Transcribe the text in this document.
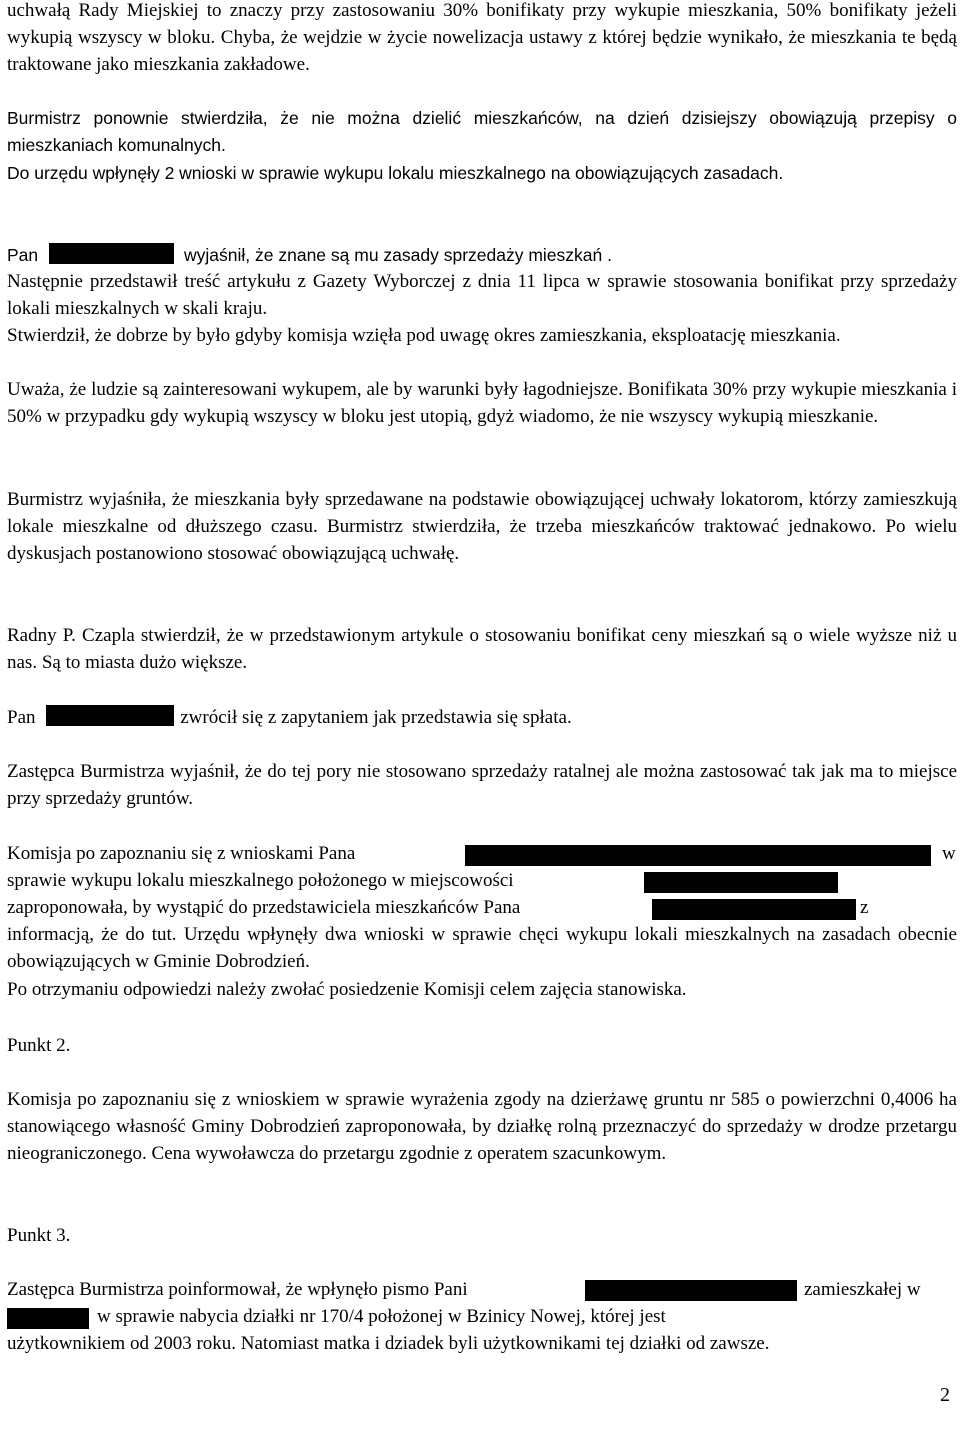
uchwałą Rady Miejskiej to znaczy przy zastosowaniu 30% bonifikaty przy wykupie mieszkania, 50% bonifikaty jeżeli wykupią wszyscy w bloku. Chyba, że wejdzie w życie nowelizacja ustawy z której będzie wynikało, że mieszkania te będą traktowane jako mieszkania zakładowe.

Burmistrz ponownie stwierdziła, że nie można dzielić mieszkańców, na dzień dzisiejszy obowiązują przepisy o mieszkaniach komunalnych.

Do urzędu wpłynęły 2 wnioski w sprawie wykupu lokalu mieszkalnego na obowiązujących zasadach.

Pan	wyjaśnił, że znane są mu zasady sprzedaży mieszkań .

Następnie przedstawił treść artykułu z Gazety Wyborczej z dnia 11 lipca w sprawie stosowania bonifikat przy sprzedaży lokali mieszkalnych w skali kraju.

Stwierdził, że dobrze by było gdyby komisja wzięła pod uwagę okres zamieszkania, eksploatację mieszkania.

Uważa, że ludzie są zainteresowani wykupem, ale by warunki były łagodniejsze. Bonifikata 30% przy wykupie mieszkania i 50% w przypadku gdy wykupią wszyscy w bloku jest utopią, gdyż wiadomo, że nie wszyscy wykupią mieszkanie.

Burmistrz wyjaśniła, że mieszkania były sprzedawane na podstawie obowiązującej uchwały lokatorom, którzy zamieszkują lokale mieszkalne od dłuższego czasu. Burmistrz stwierdziła, że trzeba mieszkańców traktować jednakowo. Po wielu dyskusjach postanowiono stosować obowiązującą uchwałę.

Radny P. Czapla stwierdził, że w przedstawionym artykule o stosowaniu bonifikat ceny mieszkań są o wiele wyższe niż u nas. Są to miasta dużo większe.

Pan	zwrócił się z zapytaniem jak przedstawia się spłata.

Zastępca Burmistrza wyjaśnił, że do tej pory nie stosowano sprzedaży ratalnej ale można zastosować tak jak ma to miejsce przy sprzedaży gruntów.

Komisja po zapoznaniu się z wnioskami Pana	w
sprawie wykupu lokalu mieszkalnego położonego w miejscowości
zaproponowała, by wystąpić do przedstawiciela mieszkańców Pana	z

informacją, że do tut. Urzędu wpłynęły dwa wnioski w sprawie chęci wykupu lokali mieszkalnych na zasadach obecnie obowiązujących w Gminie Dobrodzień.

Po otrzymaniu odpowiedzi należy zwołać posiedzenie Komisji celem zajęcia stanowiska.

Punkt 2.

Komisja po zapoznaniu się z wnioskiem w sprawie wyrażenia zgody na dzierżawę gruntu nr 585 o powierzchni 0,4006 ha stanowiącego własność Gminy Dobrodzień zaproponowała, by działkę rolną przeznaczyć do sprzedaży w drodze przetargu nieograniczonego. Cena wywoławcza do przetargu zgodnie z operatem szacunkowym.

Punkt 3.

Zastępca Burmistrza poinformował, że wpłynęło pismo Pani	zamieszkałej w
w sprawie nabycia działki nr 170/4 położonej w Bzinicy Nowej, której jest

użytkownikiem od 2003 roku. Natomiast matka i dziadek byli użytkownikami tej działki od zawsze.

2
